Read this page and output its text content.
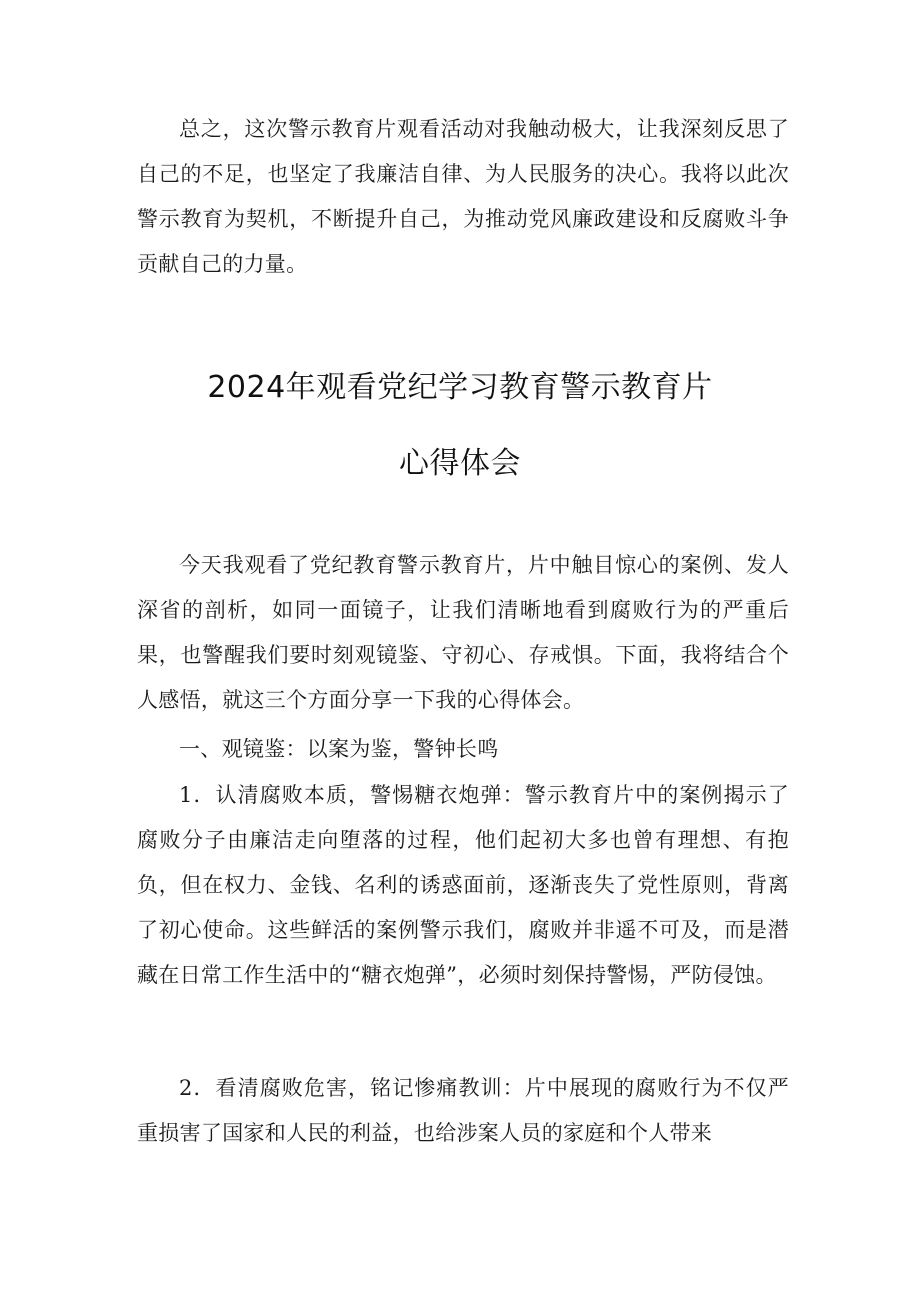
总之，这次警示教育片观看活动对我触动极大，让我深刻反思了自己的不足，也坚定了我廉洁自律、为人民服务的决心。我将以此次警示教育为契机，不断提升自己，为推动党风廉政建设和反腐败斗争贡献自己的力量。

2024年观看党纪学习教育警示教育片
心得体会

今天我观看了党纪教育警示教育片，片中触目惊心的案例、发人深省的剖析，如同一面镜子，让我们清晰地看到腐败行为的严重后果，也警醒我们要时刻观镜鉴、守初心、存戒惧。下面，我将结合个人感悟，就这三个方面分享一下我的心得体会。

一、观镜鉴：以案为鉴，警钟长鸣

1．认清腐败本质，警惕糖衣炮弹：警示教育片中的案例揭示了腐败分子由廉洁走向堕落的过程，他们起初大多也曾有理想、有抱负，但在权力、金钱、名利的诱惑面前，逐渐丧失了党性原则，背离了初心使命。这些鲜活的案例警示我们，腐败并非遥不可及，而是潜藏在日常工作生活中的“糖衣炮弹”，必须时刻保持警惕，严防侵蚀。

2．看清腐败危害，铭记惨痛教训：片中展现的腐败行为不仅严重损害了国家和人民的利益，也给涉案人员的家庭和个人带来
